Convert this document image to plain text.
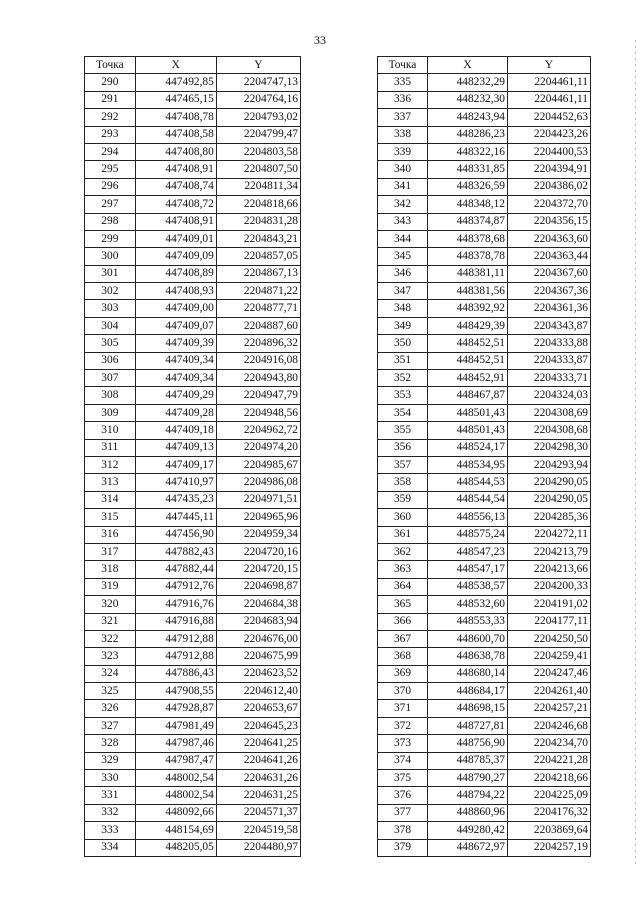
33
Точка	X	Y
290	447492,85	2204747,13
291	447465,15	2204764,16
292	447408,78	2204793,02
293	447408,58	2204799,47
294	447408,80	2204803,58
295	447408,91	2204807,50
296	447408,74	2204811,34
297	447408,72	2204818,66
298	447408,91	2204831,28
299	447409,01	2204843,21
300	447409,09	2204857,05
301	447408,89	2204867,13
302	447408,93	2204871,22
303	447409,00	2204877,71
304	447409,07	2204887,60
305	447409,39	2204896,32
306	447409,34	2204916,08
307	447409,34	2204943,80
308	447409,29	2204947,79
309	447409,28	2204948,56
310	447409,18	2204962,72
311	447409,13	2204974,20
312	447409,17	2204985,67
313	447410,97	2204986,08
314	447435,23	2204971,51
315	447445,11	2204965,96
316	447456,90	2204959,34
317	447882,43	2204720,16
318	447882,44	2204720,15
319	447912,76	2204698,87
320	447916,76	2204684,38
321	447916,88	2204683,94
322	447912,88	2204676,00
323	447912,88	2204675,99
324	447886,43	2204623,52
325	447908,55	2204612,40
326	447928,87	2204653,67
327	447981,49	2204645,23
328	447987,46	2204641,25
329	447987,47	2204641,26
330	448002,54	2204631,26
331	448002,54	2204631,25
332	448092,66	2204571,37
333	448154,69	2204519,58
334	448205,05	2204480,97
Точка	X	Y
335	448232,29	2204461,11
336	448232,30	2204461,11
337	448243,94	2204452,63
338	448286,23	2204423,26
339	448322,16	2204400,53
340	448331,85	2204394,91
341	448326,59	2204386,02
342	448348,12	2204372,70
343	448374,87	2204356,15
344	448378,68	2204363,60
345	448378,78	2204363,44
346	448381,11	2204367,60
347	448381,56	2204367,36
348	448392,92	2204361,36
349	448429,39	2204343,87
350	448452,51	2204333,88
351	448452,51	2204333,87
352	448452,91	2204333,71
353	448467,87	2204324,03
354	448501,43	2204308,69
355	448501,43	2204308,68
356	448524,17	2204298,30
357	448534,95	2204293,94
358	448544,53	2204290,05
359	448544,54	2204290,05
360	448556,13	2204285,36
361	448575,24	2204272,11
362	448547,23	2204213,79
363	448547,17	2204213,66
364	448538,57	2204200,33
365	448532,60	2204191,02
366	448553,33	2204177,11
367	448600,70	2204250,50
368	448638,78	2204259,41
369	448680,14	2204247,46
370	448684,17	2204261,40
371	448698,15	2204257,21
372	448727,81	2204246,68
373	448756,90	2204234,70
374	448785,37	2204221,28
375	448790,27	2204218,66
376	448794,22	2204225,09
377	448860,96	2204176,32
378	449280,42	2203869,64
379	448672,97	2204257,19
